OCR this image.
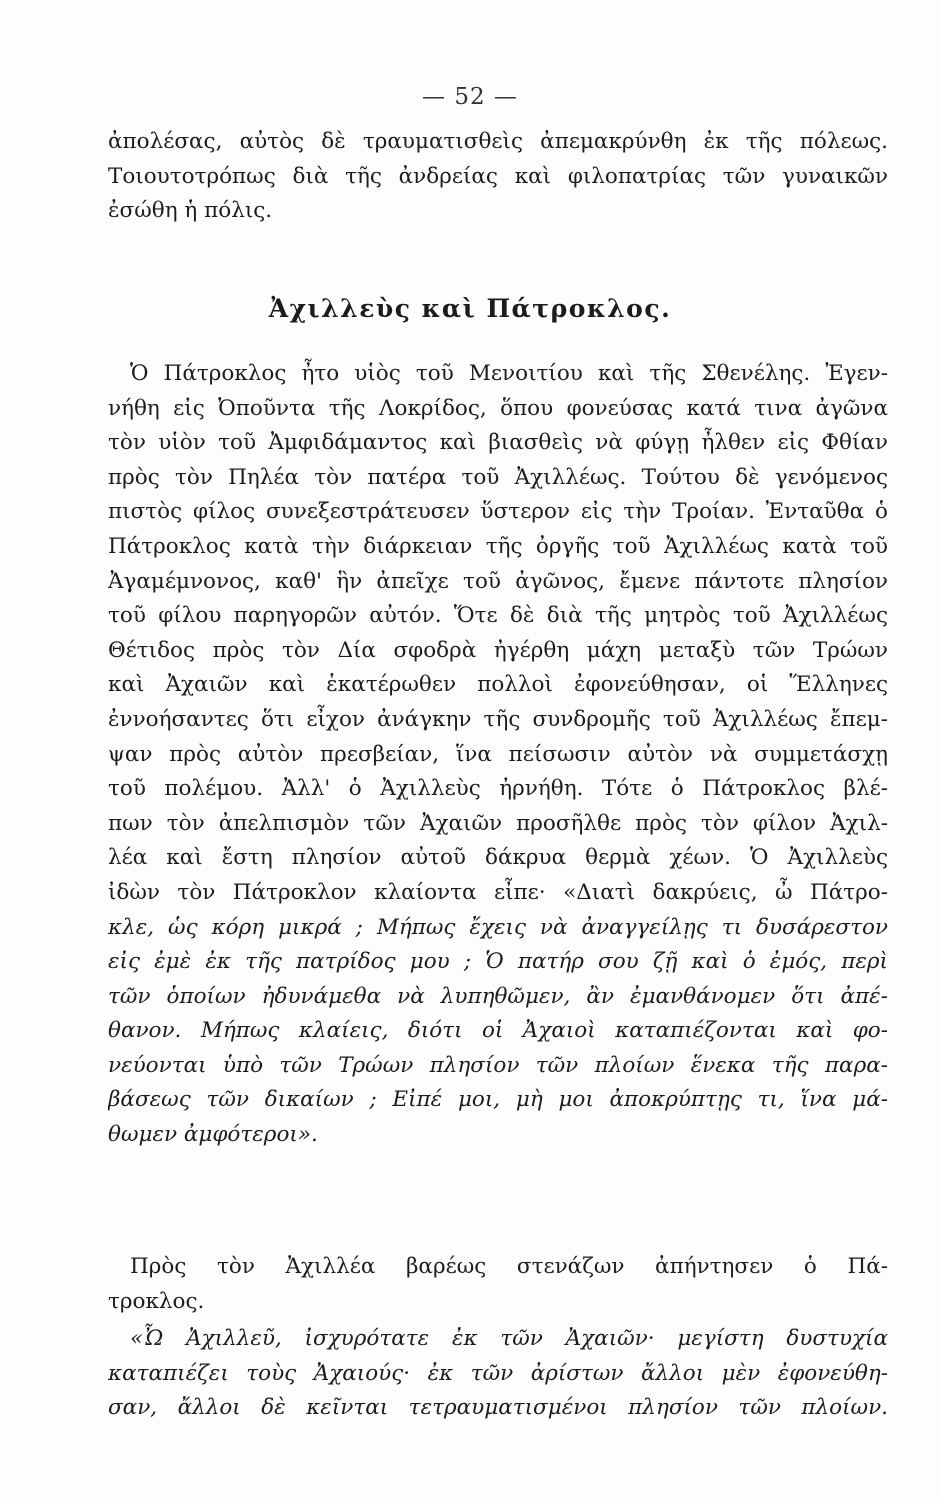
— 52 —
ἀπολέσας, αὐτὸς δὲ τραυματισθεὶς ἀπεμακρύνθη ἐκ τῆς πόλεως.
Τοιουτοτρόπως διὰ τῆς ἀνδρείας καὶ φιλοπατρίας τῶν γυναικῶν
ἐσώθη ἡ πόλις.
Ἀχιλλεὺς καὶ Πάτροκλος.
Ὁ Πάτροκλος ἦτο υἱὸς τοῦ Μενοιτίου καὶ τῆς Σθενέλης. Ἐγεν-
νήθη εἰς Ὀποῦντα τῆς Λοκρίδος, ὅπου φονεύσας κατά τινα ἀγῶνα
τὸν υἱὸν τοῦ Ἀμφιδάμαντος καὶ βιασθεὶς νὰ φύγῃ ἦλθεν εἰς Φθίαν
πρὸς τὸν Πηλέα τὸν πατέρα τοῦ Ἀχιλλέως. Τούτου δὲ γενόμενος
πιστὸς φίλος συνεξεστράτευσεν ὕστερον εἰς τὴν Τροίαν. Ἐνταῦθα ὁ
Πάτροκλος κατὰ τὴν διάρκειαν τῆς ὀργῆς τοῦ Ἀχιλλέως κατὰ τοῦ
Ἀγαμέμνονος, καθ' ἣν ἀπεῖχε τοῦ ἀγῶνος, ἔμενε πάντοτε πλησίον
τοῦ φίλου παρηγορῶν αὐτόν. Ὅτε δὲ διὰ τῆς μητρὸς τοῦ Ἀχιλλέως
Θέτιδος πρὸς τὸν Δία σφοδρὰ ἠγέρθη μάχη μεταξὺ τῶν Τρώων
καὶ Ἀχαιῶν καὶ ἑκατέρωθεν πολλοὶ ἐφονεύθησαν, οἱ Ἕλληνες
ἐννοήσαντες ὅτι εἶχον ἀνάγκην τῆς συνδρομῆς τοῦ Ἀχιλλέως ἔπεμ-
ψαν πρὸς αὐτὸν πρεσβείαν, ἵνα πείσωσιν αὐτὸν νὰ συμμετάσχῃ
τοῦ πολέμου. Ἀλλ' ὁ Ἀχιλλεὺς ἠρνήθη. Τότε ὁ Πάτροκλος βλέ-
πων τὸν ἀπελπισμὸν τῶν Ἀχαιῶν προσῆλθε πρὸς τὸν φίλον Ἀχιλ-
λέα καὶ ἔστη πλησίον αὐτοῦ δάκρυα θερμὰ χέων. Ὁ Ἀχιλλεὺς
ἰδὼν τὸν Πάτροκλον κλαίοντα εἶπε· «Διατὶ δακρύεις, ὦ Πάτρο-
κλε, ὡς κόρη μικρά ; Μήπως ἔχεις νὰ ἀναγγείλῃς τι δυσάρεστον
εἰς ἐμὲ ἐκ τῆς πατρίδος μου ; Ὁ πατήρ σου ζῇ καὶ ὁ ἐμός, περὶ
τῶν ὁποίων ἠδυνάμεθα νὰ λυπηθῶμεν, ἂν ἐμανθάνομεν ὅτι ἀπέ-
θανον. Μήπως κλαίεις, διότι οἱ Ἀχαιοὶ καταπιέζονται καὶ φο-
νεύονται ὑπὸ τῶν Τρώων πλησίον τῶν πλοίων ἕνεκα τῆς παρα-
βάσεως τῶν δικαίων ; Εἰπέ μοι, μὴ μοι ἀποκρύπτῃς τι, ἵνα μά-
θωμεν ἀμφότεροι».
Πρὸς τὸν Ἀχιλλέα βαρέως στενάζων ἀπήντησεν ὁ Πά-
τροκλος.
«Ὦ Ἀχιλλεῦ, ἰσχυρότατε ἐκ τῶν Ἀχαιῶν· μεγίστη δυστυχία
καταπιέζει τοὺς Ἀχαιούς· ἐκ τῶν ἀρίστων ἄλλοι μὲν ἐφονεύθη-
σαν, ἄλλοι δὲ κεῖνται τετραυματισμένοι πλησίον τῶν πλοίων.
